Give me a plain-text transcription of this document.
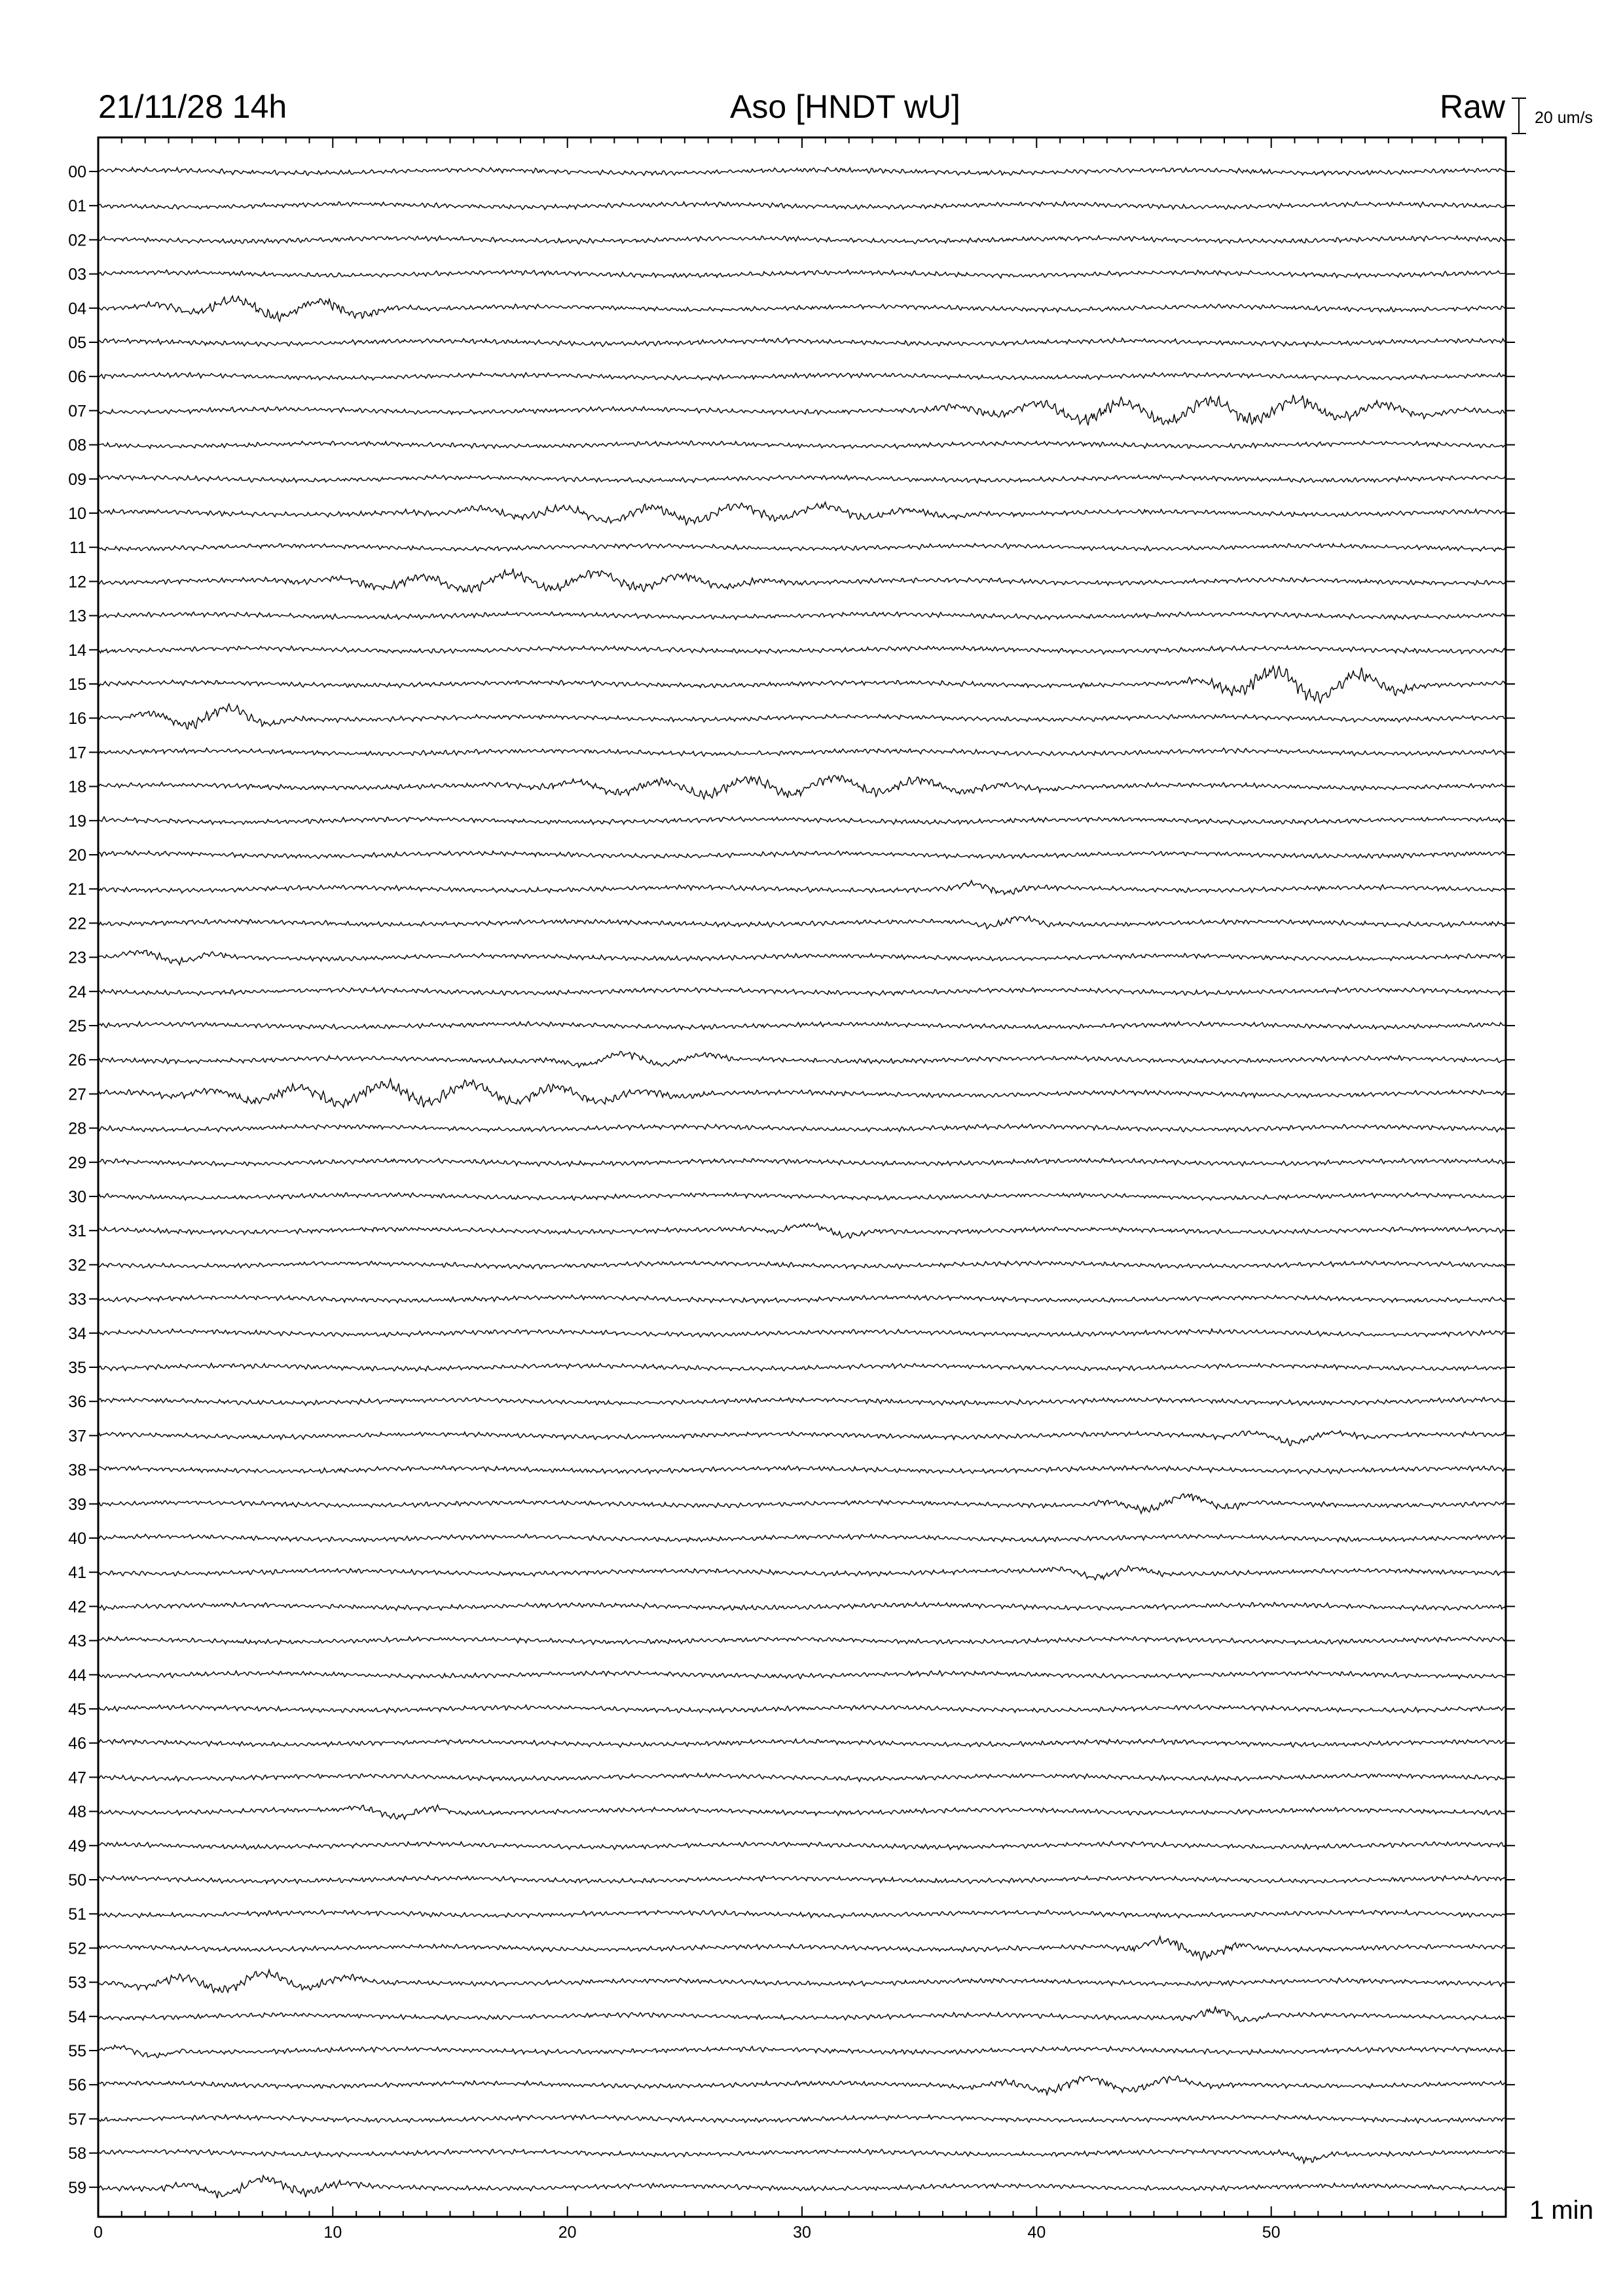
21/11/28 14h	Aso [HNDT wU]	Raw 20 um/s
1 min
00
01
02
03
04
05
06
07
08
09
10
11
12
13
14
15
16
17
18
19
20
21
22
23
24
25
26
27
28
29
30
31
32
33
34
35
36
37
38
39
40
41
42
43
44
45
46
47
48
49
50
51
52
53
54
55
56
57
58
59
0	10	20	30	40	50
